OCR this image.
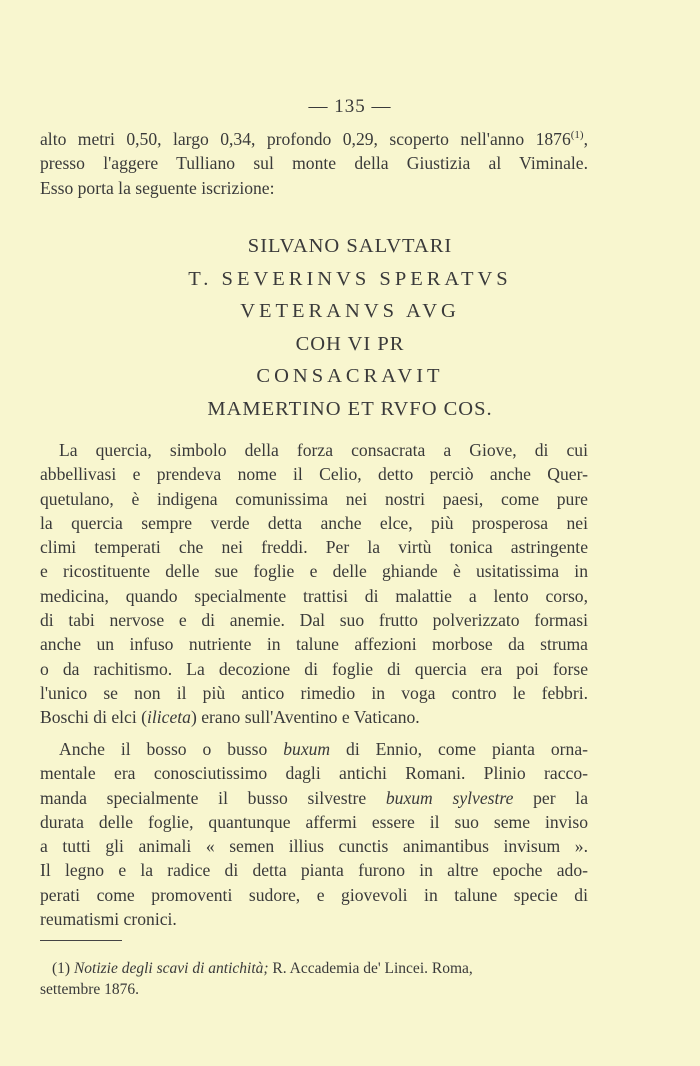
— 135 —

alto metri 0,50, largo 0,34, profondo 0,29, scoperto nell'anno 1876$^{(1)}$,

presso l'aggere Tulliano sul monte della Giustizia al Viminale.

Esso porta la seguente iscrizione:

SILVANO SALVTARI
T. SEVERINVS SPERATVS
VETERANVS AVG
COH VI PR
CONSACRAVIT
MAMERTINO ET RVFO COS.

La quercia, simbolo della forza consacrata a Giove, di cui

abbellivasi e prendeva nome il Celio, detto perciò anche Quer-

quetulano, è indigena comunissima nei nostri paesi, come pure

la quercia sempre verde detta anche elce, più prosperosa nei

climi temperati che nei freddi. Per la virtù tonica astringente

e ricostituente delle sue foglie e delle ghiande è usitatissima in

medicina, quando specialmente trattisi di malattie a lento corso,

di tabi nervose e di anemie. Dal suo frutto polverizzato formasi

anche un infuso nutriente in talune affezioni morbose da struma

o da rachitismo. La decozione di foglie di quercia era poi forse

l'unico se non il più antico rimedio in voga contro le febbri.

Boschi di elci (iliceta) erano sull'Aventino e Vaticano.

Anche il bosso o busso buxum di Ennio, come pianta orna-

mentale era conosciutissimo dagli antichi Romani. Plinio racco-

manda specialmente il busso silvestre buxum sylvestre per la

durata delle foglie, quantunque affermi essere il suo seme inviso

a tutti gli animali « semen illius cunctis animantibus invisum ».

Il legno e la radice di detta pianta furono in altre epoche ado-

perati come promoventi sudore, e giovevoli in talune specie di

reumatismi cronici.

(1) Notizie degli scavi di antichità; R. Accademia de' Lincei. Roma,

settembre 1876.
